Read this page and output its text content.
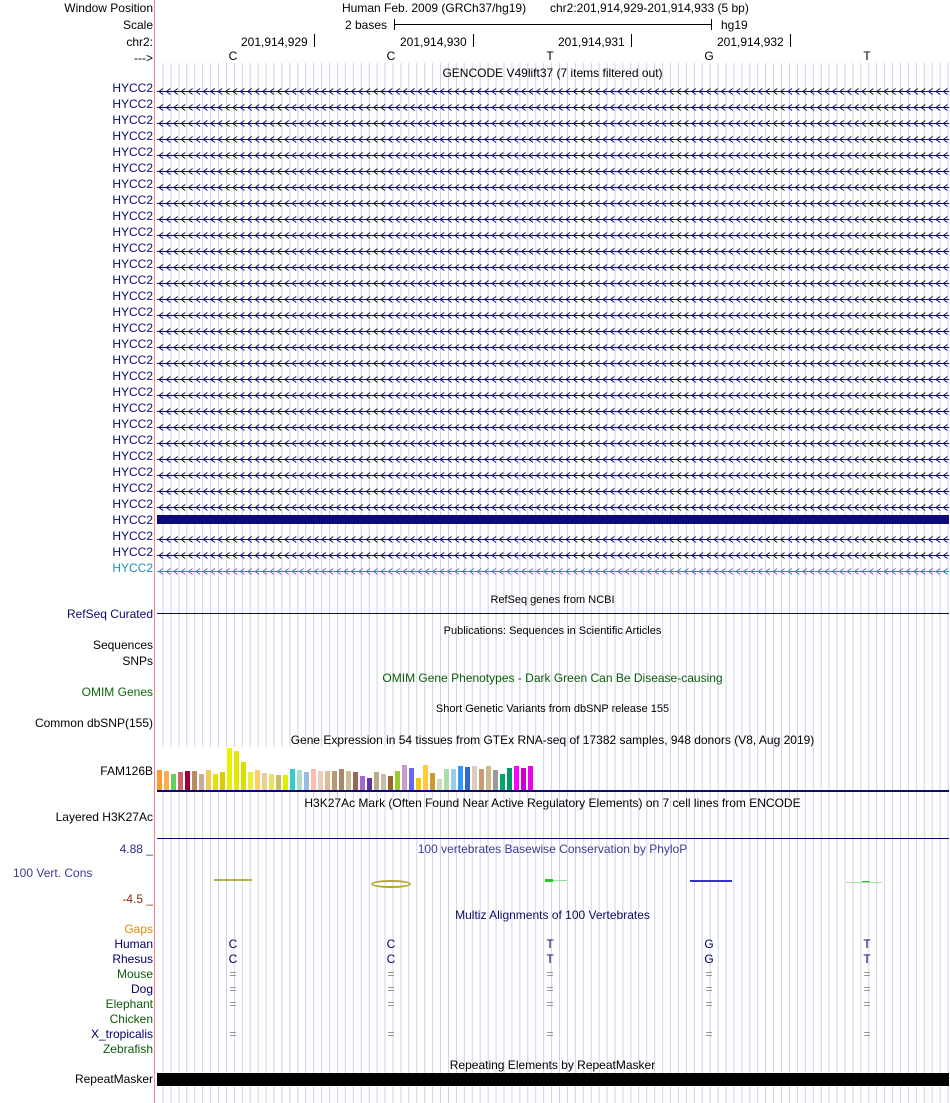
Window Position
Scale
chr2:
--->
Human Feb. 2009 (GRCh37/hg19) chr2:201,914,929-201,914,933 (5 bp)
2 bases	hg19
201,914,929	201,914,930	201,914,931	201,914,932
C	C	T	G	T
GENCODE V49lift37 (7 items filtered out)
HYCC2
HYCC2
HYCC2
HYCC2
HYCC2
HYCC2
HYCC2
HYCC2
HYCC2
HYCC2
HYCC2
HYCC2
HYCC2
HYCC2
HYCC2
HYCC2
HYCC2
HYCC2
HYCC2
HYCC2
HYCC2
HYCC2
HYCC2
HYCC2
HYCC2
HYCC2
HYCC2
HYCC2
HYCC2
HYCC2
HYCC2
RefSeq genes from NCBI
RefSeq Curated
Publications: Sequences in Scientific Articles
Sequences
SNPs
OMIM Gene Phenotypes - Dark Green Can Be Disease-causing
OMIM Genes
Short Genetic Variants from dbSNP release 155
Common dbSNP(155)
Gene Expression in 54 tissues from GTEx RNA-seq of 17382 samples, 948 donors (V8, Aug 2019)
FAM126B
H3K27Ac Mark (Often Found Near Active Regulatory Elements) on 7 cell lines from ENCODE
Layered H3K27Ac
100 vertebrates Basewise Conservation by PhyloP
4.88 _
100 Vert. Cons
-4.5 _
Multiz Alignments of 100 Vertebrates
Gaps
Human	C	C	T	G	T
Rhesus	C	C	T	G	T
Mouse	=	=	=	=	=
Dog	=	=	=	=	=
Elephant	=	=	=	=	=
Chicken
X_tropicalis	=	=	=	=	=
Zebrafish
Repeating Elements by RepeatMasker
RepeatMasker
